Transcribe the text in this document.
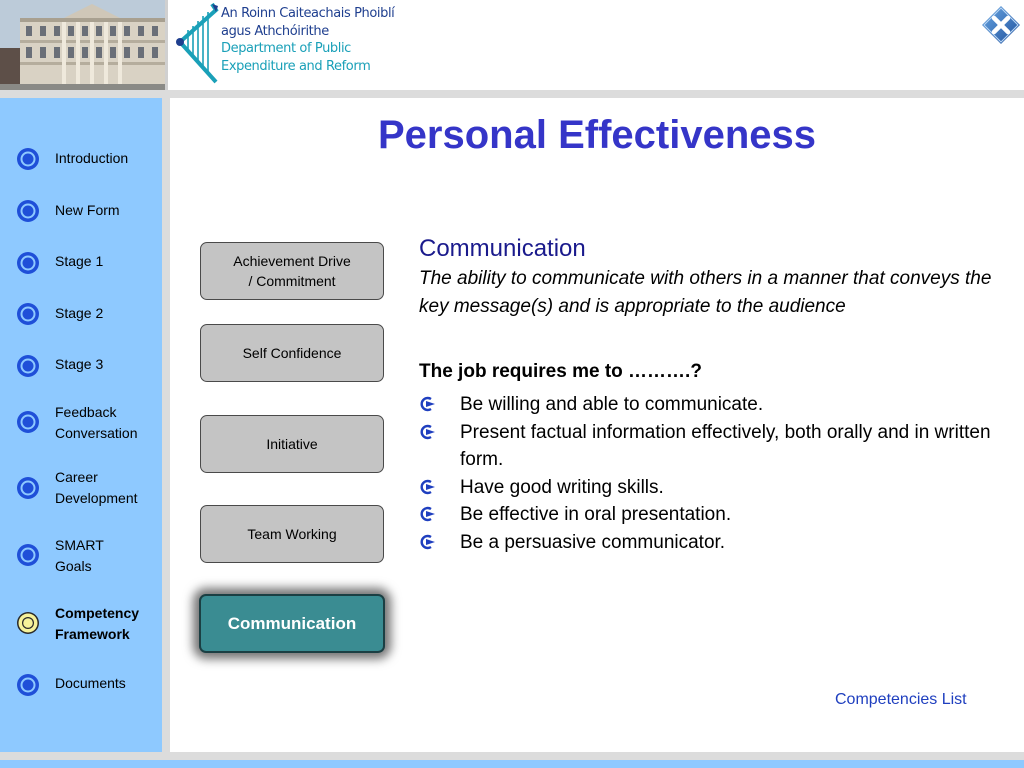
An Roinn Caiteachais Phoiblí
agus Athchóirithe
Department of Public
Expenditure and Reform
Introduction
New Form
Stage 1
Stage 2
Stage 3
Feedback Conversation
Career Development
SMART Goals
Competency Framework
Documents
Personal Effectiveness
Achievement Drive
/ Commitment
Self Confidence
Initiative
Team Working
Communication
Communication
The ability to communicate with others in a manner that conveys the key message(s) and is appropriate to the audience
The job requires me to ……….?
Be willing and able to communicate.
Present factual information effectively, both orally and in written form.
Have good writing skills.
Be effective in oral presentation.
Be a persuasive communicator.
Competencies List
